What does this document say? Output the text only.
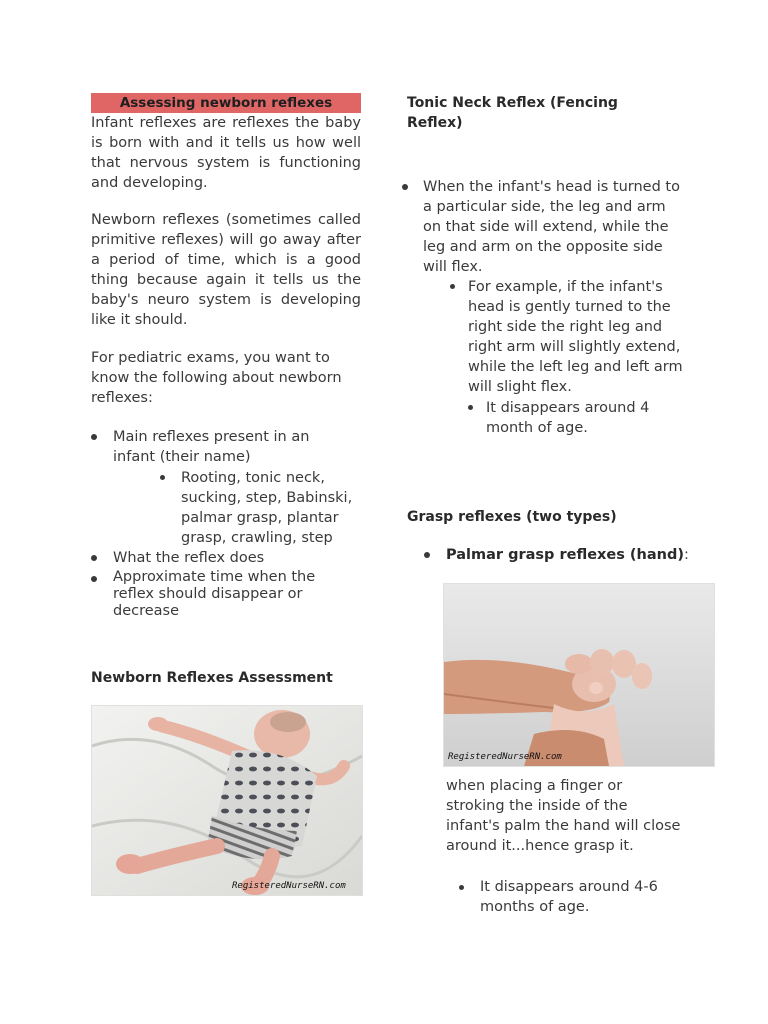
Assessing newborn reflexes
Infant reflexes are reflexes the baby is born with and it tells us how well that nervous system is functioning and developing.
Newborn reflexes (sometimes called primitive reflexes) will go away after a period of time, which is a good thing because again it tells us the baby's neuro system is developing like it should.
For pediatric exams, you want to know the following about newborn reflexes:
Main reflexes present in an infant (their name)
Rooting, tonic neck, sucking, step, Babinski, palmar grasp, plantar grasp, crawling, step
What the reflex does
Approximate time when the reflex should disappear or decrease
Newborn Reflexes Assessment
RegisteredNurseRN.com
Tonic Neck Reflex (Fencing Reflex)
When the infant's head is turned to a particular side, the leg and arm on that side will extend, while the leg and arm on the opposite side will flex.
For example, if the infant's head is gently turned to the right side the right leg and right arm will slightly extend, while the left leg and left arm will slight flex.
It disappears around 4 month of age.
Grasp reflexes (two types)
Palmar grasp reflexes (hand):
RegisteredNurseRN.com
when placing a finger or stroking the inside of the infant's palm the hand will close around it...hence grasp it.
It disappears around 4-6 months of age.
